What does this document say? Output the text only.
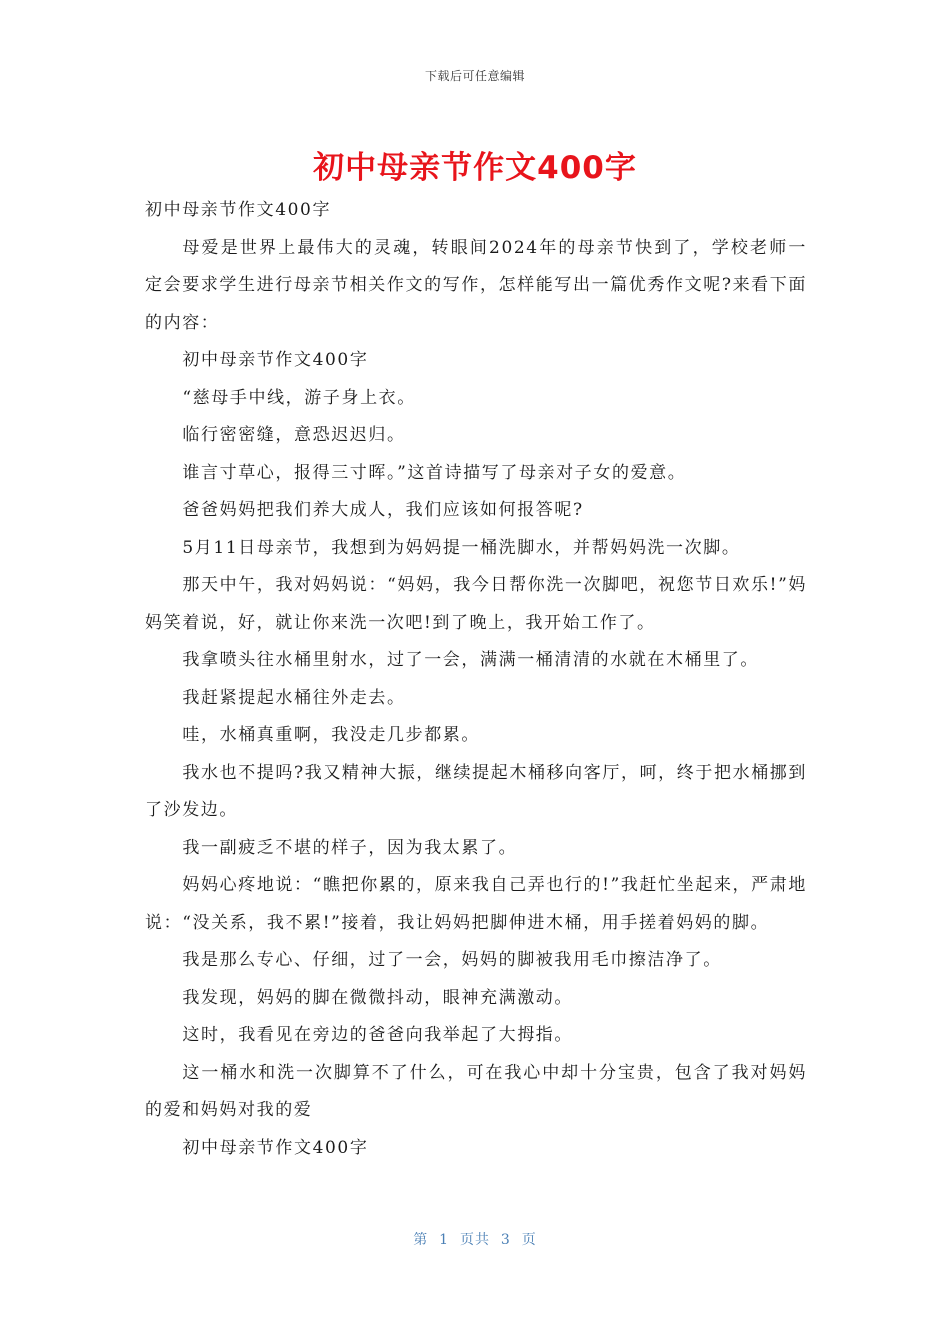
下载后可任意编辑
初中母亲节作文400字

初中母亲节作文400字

母爱是世界上最伟大的灵魂，转眼间2024年的母亲节快到了，学校老师一定会要求学生进行母亲节相关作文的写作，怎样能写出一篇优秀作文呢?来看下面的内容：

初中母亲节作文400字

“慈母手中线，游子身上衣。

临行密密缝，意恐迟迟归。

谁言寸草心，报得三寸晖。”这首诗描写了母亲对子女的爱意。

爸爸妈妈把我们养大成人，我们应该如何报答呢?

5月11日母亲节，我想到为妈妈提一桶洗脚水，并帮妈妈洗一次脚。

那天中午，我对妈妈说：“妈妈，我今日帮你洗一次脚吧，祝您节日欢乐!”妈妈笑着说，好，就让你来洗一次吧!到了晚上，我开始工作了。

我拿喷头往水桶里射水，过了一会，满满一桶清清的水就在木桶里了。

我赶紧提起水桶往外走去。

哇，水桶真重啊，我没走几步都累。

我水也不提吗?我又精神大振，继续提起木桶移向客厅，呵，终于把水桶挪到了沙发边。

我一副疲乏不堪的样子，因为我太累了。

妈妈心疼地说：“瞧把你累的，原来我自己弄也行的!”我赶忙坐起来，严肃地说：“没关系，我不累!”接着，我让妈妈把脚伸进木桶，用手搓着妈妈的脚。

我是那么专心、仔细，过了一会，妈妈的脚被我用毛巾擦洁净了。

我发现，妈妈的脚在微微抖动，眼神充满激动。

这时，我看见在旁边的爸爸向我举起了大拇指。

这一桶水和洗一次脚算不了什么，可在我心中却十分宝贵，包含了我对妈妈的爱和妈妈对我的爱

初中母亲节作文400字

第  1  页共  3  页
